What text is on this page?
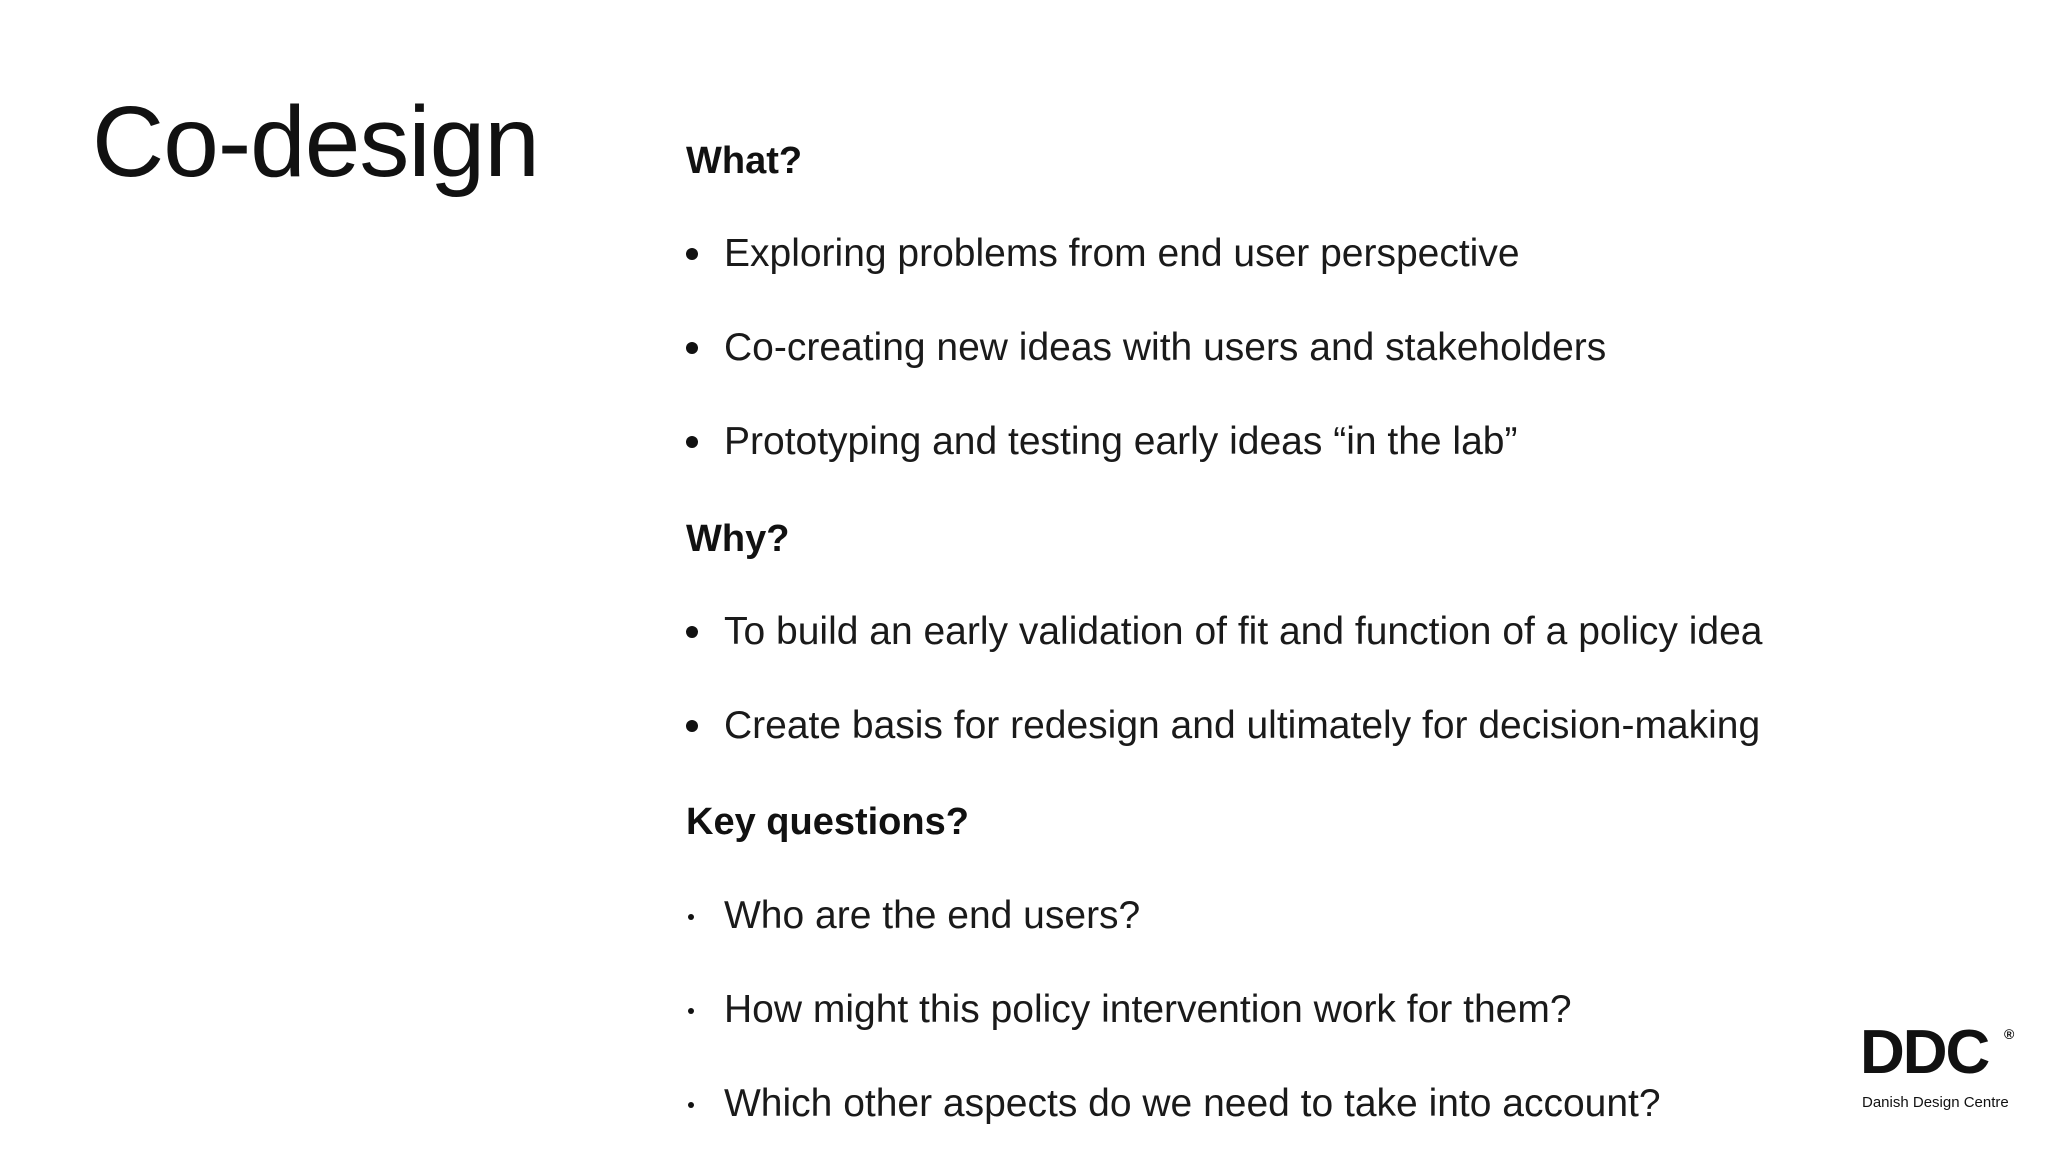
Co-design	What?
Exploring problems from end user perspective
Co-creating new ideas with users and stakeholders
Prototyping and testing early ideas “in the lab”
Why?
To build an early validation of fit and function of a policy idea
Create basis for redesign and ultimately for decision-making
Key questions?
Who are the end users?
How might this policy intervention work for them?
Which other aspects do we need to take into account?
DDC ®
Danish Design Centre
